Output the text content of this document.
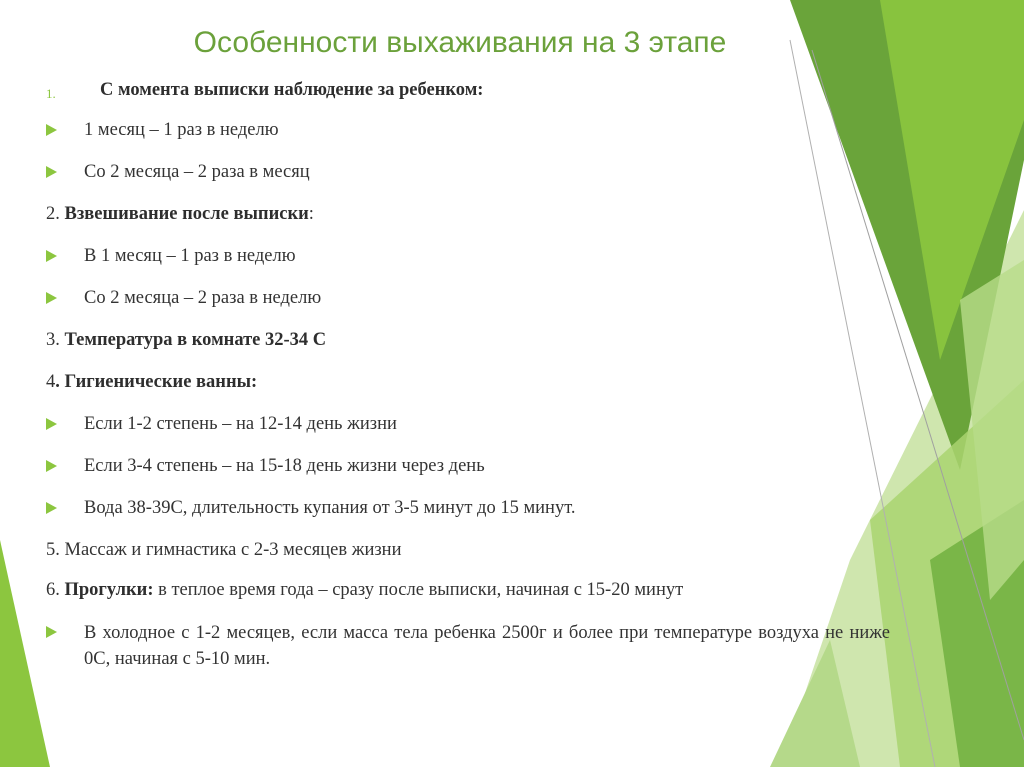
Особенности выхаживания на 3 этапе
1. С момента выписки наблюдение за ребенком:
1 месяц – 1 раз в неделю
Со 2 месяца – 2 раза в месяц
2. Взвешивание после выписки:
В 1 месяц – 1 раз в неделю
Со 2 месяца – 2 раза в неделю
3. Температура в комнате 32-34 С
4. Гигиенические ванны:
Если 1-2 степень – на 12-14 день жизни
Если 3-4 степень – на 15-18 день жизни через день
Вода 38-39С, длительность купания от 3-5 минут до 15 минут.
5. Массаж и гимнастика с 2-3 месяцев жизни
6. Прогулки: в теплое время года – сразу после выписки, начиная с 15-20 минут
В холодное с 1-2 месяцев, если масса тела ребенка 2500г и более при температуре воздуха не ниже 0С, начиная с 5-10 мин.
